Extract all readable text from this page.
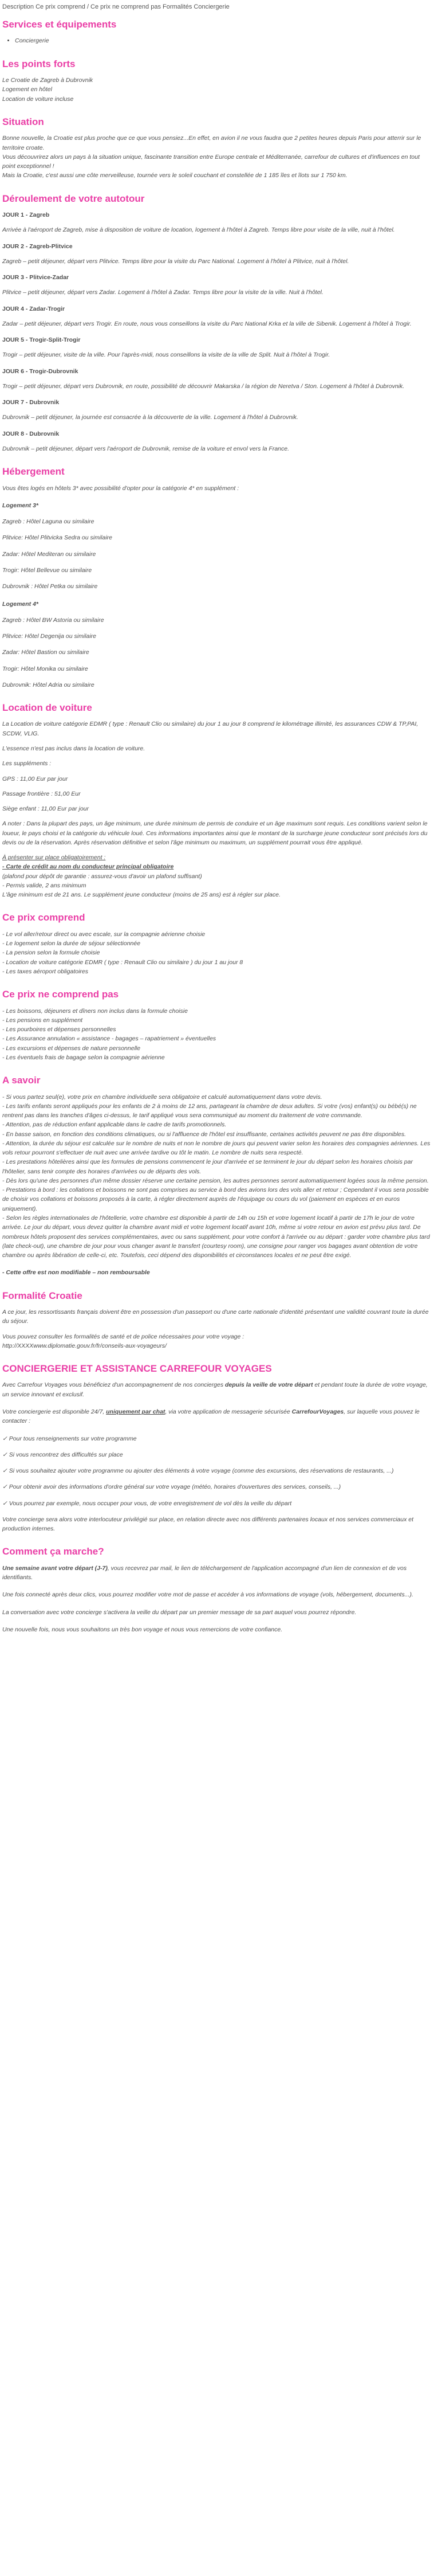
Description Ce prix comprend / Ce prix ne comprend pas Formalités Conciergerie
Services et équipements
• Conciergerie
Les points forts

Le Croatie de Zagreb à Dubrovnik

Logement en hôtel

Location de voiture incluse

Situation

Bonne nouvelle, la Croatie est plus proche que ce que vous pensiez...En effet, en avion il ne vous faudra que 2 petites heures depuis Paris pour atterrir sur le territoire croate.

Vous découvrirez alors un pays à la situation unique, fascinante transition entre Europe centrale et Méditerranée, carrefour de cultures et d'influences en tout point exceptionnel !

Mais la Croatie, c'est aussi une côte merveilleuse, tournée vers le soleil couchant et constellée de 1 185 îles et îlots sur 1 750 km.

Déroulement de votre autotour

JOUR 1 - Zagreb

Arrivée à l'aéroport de Zagreb, mise à disposition de voiture de location, logement à l'hôtel à Zagreb. Temps libre pour visite de la ville, nuit à l'hôtel.

JOUR 2 - Zagreb-Plitvice

Zagreb – petit déjeuner, départ vers Plitvice. Temps libre pour la visite du Parc National. Logement à l'hôtel à Plitvice, nuit à l'hôtel.

JOUR 3 - Plitvice-Zadar

Plitvice – petit déjeuner, départ vers Zadar. Logement à l'hôtel à Zadar. Temps libre pour la visite de la ville. Nuit à l'hôtel.

JOUR 4 - Zadar-Trogir

Zadar – petit déjeuner, départ vers Trogir. En route, nous vous conseillons la visite du Parc National Krka et la ville de Sibenik. Logement à l'hôtel à Trogir.

JOUR 5 - Trogir-Split-Trogir

Trogir – petit déjeuner, visite de la ville. Pour l'après-midi, nous conseillons la visite de la ville de Split. Nuit à l'hôtel à Trogir.

JOUR 6 - Trogir-Dubrovnik

Trogir – petit déjeuner, départ vers Dubrovnik, en route, possibilité de découvrir Makarska / la région de Neretva / Ston. Logement à l'hôtel à Dubrovnik.

JOUR 7 - Dubrovnik

Dubrovnik – petit déjeuner, la journée est consacrée à la découverte de la ville. Logement à l'hôtel à Dubrovnik.

JOUR 8 - Dubrovnik

Dubrovnik – petit déjeuner, départ vers l'aéroport de Dubrovnik, remise de la voiture et envol vers la France.

Hébergement

Vous êtes logés en hôtels 3* avec possibilité d'opter pour la catégorie 4* en supplément :

Logement 3*

Zagreb : Hôtel Laguna ou similaire

Plitvice: Hôtel Plitvicka Sedra ou similaire

Zadar: Hôtel Mediteran ou similaire

Trogir: Hôtel Bellevue ou similaire

Dubrovnik : Hôtel Petka ou similaire

Logement 4*

Zagreb : Hôtel BW Astoria ou similaire

Plitvice: Hôtel Degenija ou similaire

Zadar: Hôtel Bastion ou similaire

Trogir: Hôtel Monika ou similaire

Dubrovnik: Hôtel Adria ou similaire

Location de voiture

La Location de voiture catégorie EDMR ( type : Renault Clio ou similaire) du jour 1 au jour 8 comprend le kilométrage illimité, les assurances CDW & TP,PAI, SCDW, VLIG.

L'essence n'est pas inclus dans la location de voiture.

Les suppléments :

GPS : 11,00 Eur par jour

Passage frontière : 51,00 Eur

Siège enfant : 11,00 Eur par jour

A noter : Dans la plupart des pays, un âge minimum, une durée minimum de permis de conduire et un âge maximum sont requis. Les conditions varient selon le loueur, le pays choisi et la catégorie du véhicule loué. Ces informations importantes ainsi que le montant de la surcharge jeune conducteur sont précisés lors du devis ou de la réservation. Après réservation définitive et selon l'âge minimum ou maximum, un supplément pourrait vous être appliqué.

À présenter sur place obligatoirement :

- Carte de crédit au nom du conducteur principal obligatoire

(plafond pour dépôt de garantie : assurez-vous d'avoir un plafond suffisant)

- Permis valide, 2 ans minimum

L'âge minimum est de 21 ans. Le supplément jeune conducteur (moins de 25 ans) est à régler sur place.

Ce prix comprend

- Le vol aller/retour direct ou avec escale, sur la compagnie aérienne choisie

- Le logement selon la durée de séjour sélectionnée

- La pension selon la formule choisie

- Location de voiture catégorie EDMR ( type : Renault Clio ou similaire ) du jour 1 au jour 8

- Les taxes aéroport obligatoires

Ce prix ne comprend pas

- Les boissons, déjeuners et dîners non inclus dans la formule choisie

- Les pensions en supplément

- Les pourboires et dépenses personnelles

- Les Assurance annulation « assistance - bagages – rapatriement » éventuelles

- Les excursions et dépenses de nature personnelle

- Les éventuels frais de bagage selon la compagnie aérienne

A savoir

- Si vous partez seul(e), votre prix en chambre individuelle sera obligatoire et calculé automatiquement dans votre devis.

- Les tarifs enfants seront appliqués pour les enfants de 2 à moins de 12 ans, partageant la chambre de deux adultes. Si votre (vos) enfant(s) ou bébé(s) ne rentrent pas dans les tranches d'âges ci-dessus, le tarif appliqué vous sera communiqué au moment du traitement de votre commande.

- Attention, pas de réduction enfant applicable dans le cadre de tarifs promotionnels.

- En basse saison, en fonction des conditions climatiques, ou si l'affluence de l'hôtel est insuffisante, certaines activités peuvent ne pas être disponibles.

- Attention, la durée du séjour est calculée sur le nombre de nuits et non le nombre de jours qui peuvent varier selon les horaires des compagnies aériennes. Les vols retour pourront s'effectuer de nuit avec une arrivée tardive ou tôt le matin. Le nombre de nuits sera respecté.

- Les prestations hôtelières ainsi que les formules de pensions commencent le jour d'arrivée et se terminent le jour du départ selon les horaires choisis par l'hôtelier, sans tenir compte des horaires d'arrivées ou de départs des vols.

- Dès lors qu'une des personnes d'un même dossier réserve une certaine pension, les autres personnes seront automatiquement logées sous la même pension.

- Prestations à bord : les collations et boissons ne sont pas comprises au service à bord des avions lors des vols aller et retour ; Cependant il vous sera possible de choisir vos collations et boissons proposés à la carte, à régler directement auprès de l'équipage ou cours du vol (paiement en espèces et en euros uniquement).

- Selon les règles internationales de l'hôtellerie, votre chambre est disponible à partir de 14h ou 15h et votre logement locatif à partir de 17h le jour de votre arrivée. Le jour du départ, vous devez quitter la chambre avant midi et votre logement locatif avant 10h, même si votre retour en avion est prévu plus tard. De nombreux hôtels proposent des services complémentaires, avec ou sans supplément, pour votre confort à l'arrivée ou au départ : garder votre chambre plus tard (late check-out), une chambre de jour pour vous changer avant le transfert (courtesy room), une consigne pour ranger vos bagages avant obtention de votre chambre ou après libération de celle-ci, etc. Toutefois, ceci dépend des disponibilités et circonstances locales et ne peut être exigé.

- Cette offre est non modifiable – non remboursable

Formalité Croatie

A ce jour, les ressortissants français doivent être en possession d'un passeport ou d'une carte nationale d'identité présentant une validité couvrant toute la durée du séjour.

Vous pouvez consulter les formalités de santé et de police nécessaires pour votre voyage :

http://XXXXwww.diplomatie.gouv.fr/fr/conseils-aux-voyageurs/

CONCIERGERIE ET ASSISTANCE CARREFOUR VOYAGES

Avec Carrefour Voyages vous bénéficiez d'un accompagnement de nos concierges depuis la veille de votre départ et pendant toute la durée de votre voyage, un service innovant et exclusif.

Votre conciergerie est disponible 24/7, uniquement par chat, via votre application de messagerie sécurisée CarrefourVoyages, sur laquelle vous pouvez le contacter :

✓ Pour tous renseignements sur votre programme

✓ Si vous rencontrez des difficultés sur place

✓ Si vous souhaitez ajouter votre programme ou ajouter des éléments à votre voyage (comme des excursions, des réservations de restaurants, ...)

✓ Pour obtenir avoir des informations d'ordre général sur votre voyage (météo, horaires d'ouvertures des services, conseils, ...)

✓ Vous pourrez par exemple, nous occuper pour vous, de votre enregistrement de vol dès la veille du départ

Votre concierge sera alors votre interlocuteur privilégié sur place, en relation directe avec nos différents partenaires locaux et nos services commerciaux et production internes.

Comment ça marche?

Une semaine avant votre départ (J-7), vous recevrez par mail, le lien de téléchargement de l'application accompagné d'un lien de connexion et de vos identifiants.

Une fois connecté après deux clics, vous pourrez modifier votre mot de passe et accéder à vos informations de voyage (vols, hébergement, documents...).

La conversation avec votre concierge s'activera la veille du départ par un premier message de sa part auquel vous pourrez répondre.

Une nouvelle fois, nous vous souhaitons un très bon voyage et nous vous remercions de votre confiance.
